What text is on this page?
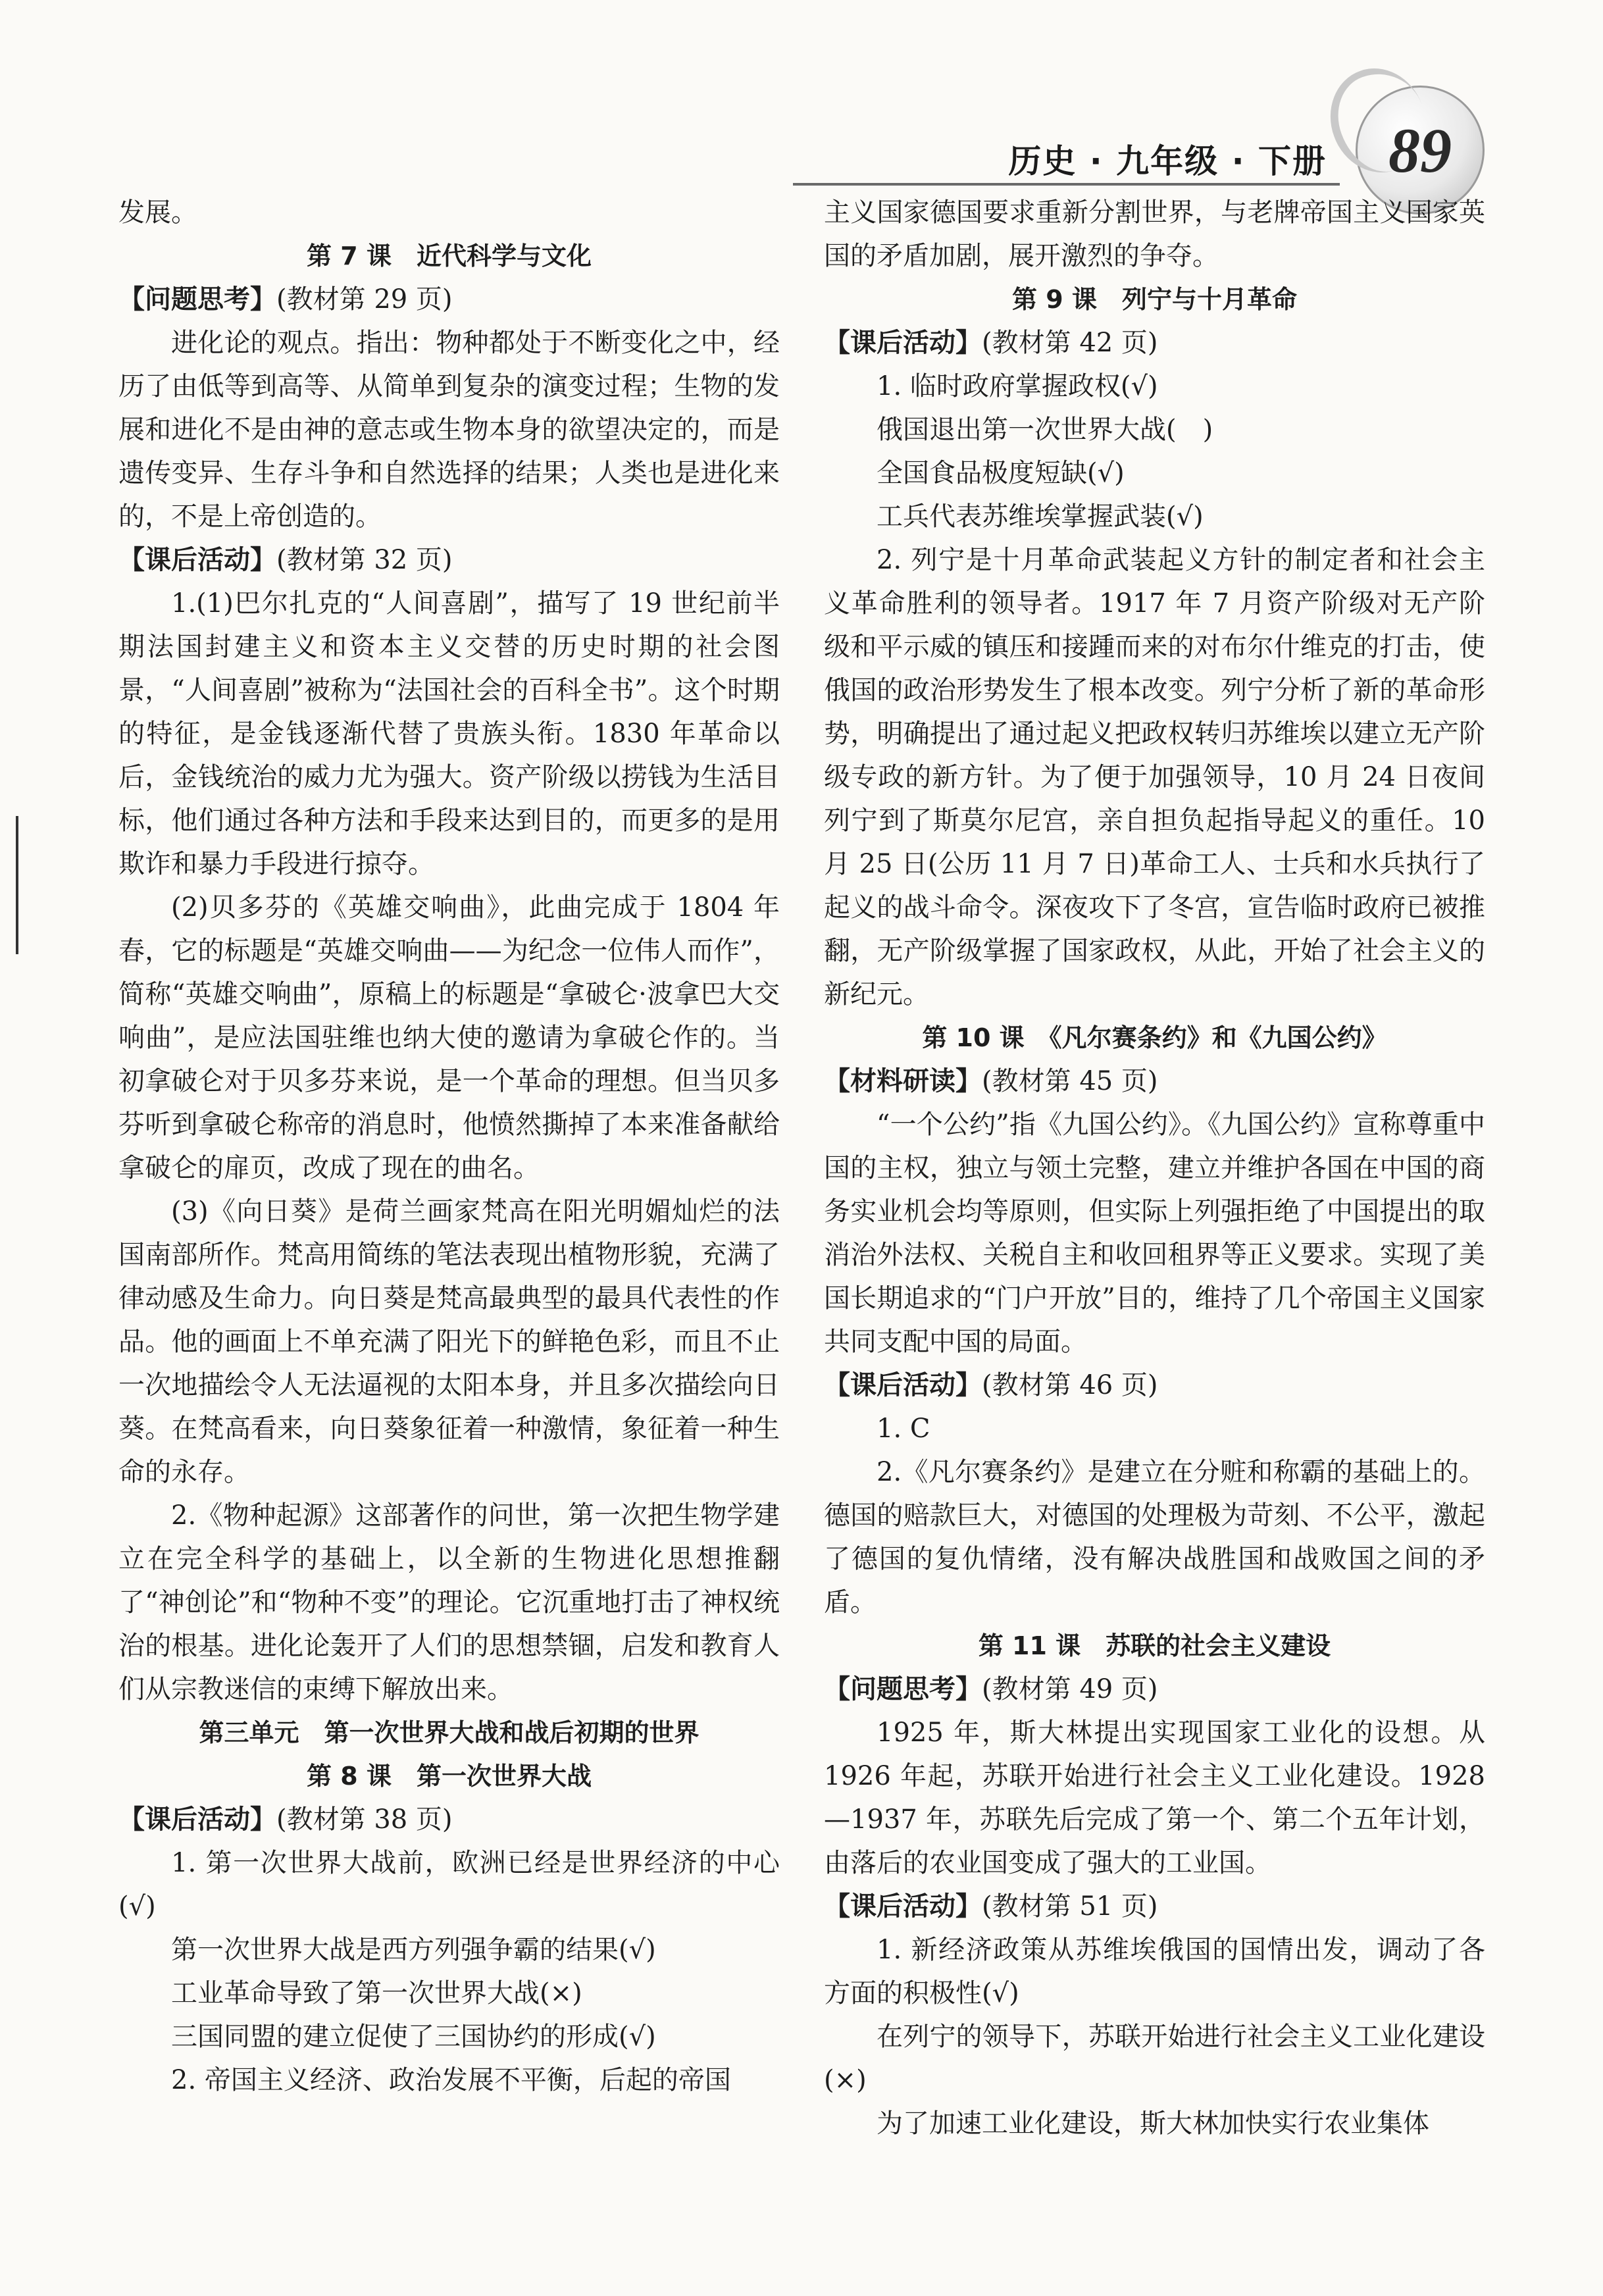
历史 · 九年级 · 下册 89

发展。

第 7 课　近代科学与文化

【问题思考】(教材第 29 页)

进化论的观点。指出：物种都处于不断变化之中，经历了由低等到高等、从简单到复杂的演变过程；生物的发展和进化不是由神的意志或生物本身的欲望决定的，而是遗传变异、生存斗争和自然选择的结果；人类也是进化来的，不是上帝创造的。

【课后活动】(教材第 32 页)

1.(1)巴尔扎克的“人间喜剧”，描写了 19 世纪前半期法国封建主义和资本主义交替的历史时期的社会图景，“人间喜剧”被称为“法国社会的百科全书”。这个时期的特征，是金钱逐渐代替了贵族头衔。1830 年革命以后，金钱统治的威力尤为强大。资产阶级以捞钱为生活目标，他们通过各种方法和手段来达到目的，而更多的是用欺诈和暴力手段进行掠夺。

(2)贝多芬的《英雄交响曲》，此曲完成于 1804 年春，它的标题是“英雄交响曲——为纪念一位伟人而作”，简称“英雄交响曲”，原稿上的标题是“拿破仑·波拿巴大交响曲”，是应法国驻维也纳大使的邀请为拿破仑作的。当初拿破仑对于贝多芬来说，是一个革命的理想。但当贝多芬听到拿破仑称帝的消息时，他愤然撕掉了本来准备献给拿破仑的扉页，改成了现在的曲名。

(3)《向日葵》是荷兰画家梵高在阳光明媚灿烂的法国南部所作。梵高用简练的笔法表现出植物形貌，充满了律动感及生命力。向日葵是梵高最典型的最具代表性的作品。他的画面上不单充满了阳光下的鲜艳色彩，而且不止一次地描绘令人无法逼视的太阳本身，并且多次描绘向日葵。在梵高看来，向日葵象征着一种激情，象征着一种生命的永存。

2.《物种起源》这部著作的问世，第一次把生物学建立在完全科学的基础上，以全新的生物进化思想推翻了“神创论”和“物种不变”的理论。它沉重地打击了神权统治的根基。进化论轰开了人们的思想禁锢，启发和教育人们从宗教迷信的束缚下解放出来。

第三单元　第一次世界大战和战后初期的世界

第 8 课　第一次世界大战

【课后活动】(教材第 38 页)

1. 第一次世界大战前，欧洲已经是世界经济的中心(√)

第一次世界大战是西方列强争霸的结果(√)

工业革命导致了第一次世界大战(×)

三国同盟的建立促使了三国协约的形成(√)

2. 帝国主义经济、政治发展不平衡，后起的帝国

主义国家德国要求重新分割世界，与老牌帝国主义国家英国的矛盾加剧，展开激烈的争夺。

第 9 课　列宁与十月革命

【课后活动】(教材第 42 页)

1. 临时政府掌握政权(√)

俄国退出第一次世界大战(　)

全国食品极度短缺(√)

工兵代表苏维埃掌握武装(√)

2. 列宁是十月革命武装起义方针的制定者和社会主义革命胜利的领导者。1917 年 7 月资产阶级对无产阶级和平示威的镇压和接踵而来的对布尔什维克的打击，使俄国的政治形势发生了根本改变。列宁分析了新的革命形势，明确提出了通过起义把政权转归苏维埃以建立无产阶级专政的新方针。为了便于加强领导，10 月 24 日夜间列宁到了斯莫尔尼宫，亲自担负起指导起义的重任。10 月 25 日(公历 11 月 7 日)革命工人、士兵和水兵执行了起义的战斗命令。深夜攻下了冬宫，宣告临时政府已被推翻，无产阶级掌握了国家政权，从此，开始了社会主义的新纪元。

第 10 课　《凡尔赛条约》和《九国公约》

【材料研读】(教材第 45 页)

“一个公约”指《九国公约》。《九国公约》宣称尊重中国的主权，独立与领土完整，建立并维护各国在中国的商务实业机会均等原则，但实际上列强拒绝了中国提出的取消治外法权、关税自主和收回租界等正义要求。实现了美国长期追求的“门户开放”目的，维持了几个帝国主义国家共同支配中国的局面。

【课后活动】(教材第 46 页)

1. C

2.《凡尔赛条约》是建立在分赃和称霸的基础上的。德国的赔款巨大，对德国的处理极为苛刻、不公平，激起了德国的复仇情绪，没有解决战胜国和战败国之间的矛盾。

第 11 课　苏联的社会主义建设

【问题思考】(教材第 49 页)

1925 年，斯大林提出实现国家工业化的设想。从 1926 年起，苏联开始进行社会主义工业化建设。1928—1937 年，苏联先后完成了第一个、第二个五年计划，由落后的农业国变成了强大的工业国。

【课后活动】(教材第 51 页)

1. 新经济政策从苏维埃俄国的国情出发，调动了各方面的积极性(√)

在列宁的领导下，苏联开始进行社会主义工业化建设(×)

为了加速工业化建设，斯大林加快实行农业集体
